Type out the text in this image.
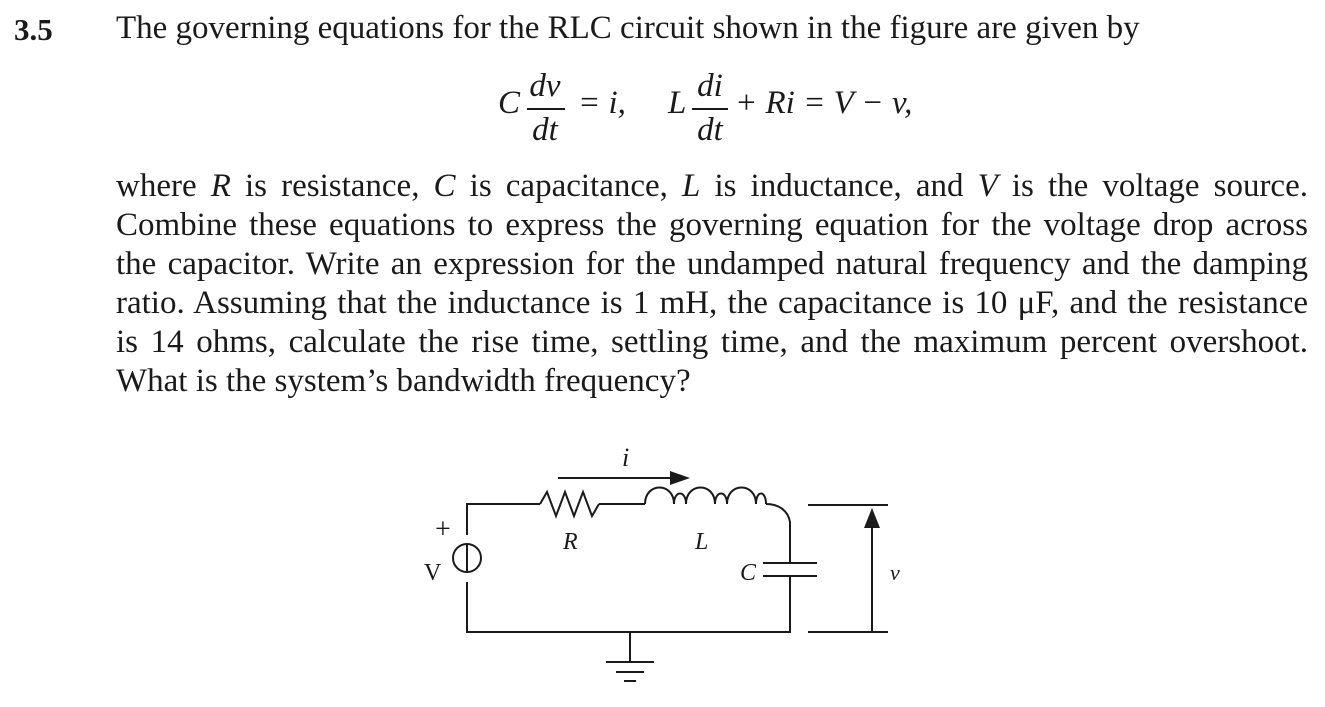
3.5 The governing equations for the RLC circuit shown in the figure are given by
C dv
dt
= i, L di
dt
+ Ri = V − v,
where R is resistance, C is capacitance, L is inductance, and V is the voltage source. Combine these equations to express the governing equation for the voltage drop across the capacitor. Write an expression for the undamped natural frequency and the damping ratio. Assuming that the inductance is 1 mH, the capacitance is 10 μF, and the resistance is 14 ohms, calculate the rise time, settling time, and the maximum percent overshoot. What is the system’s bandwidth frequency?
i
+
V
R	L
C	v
